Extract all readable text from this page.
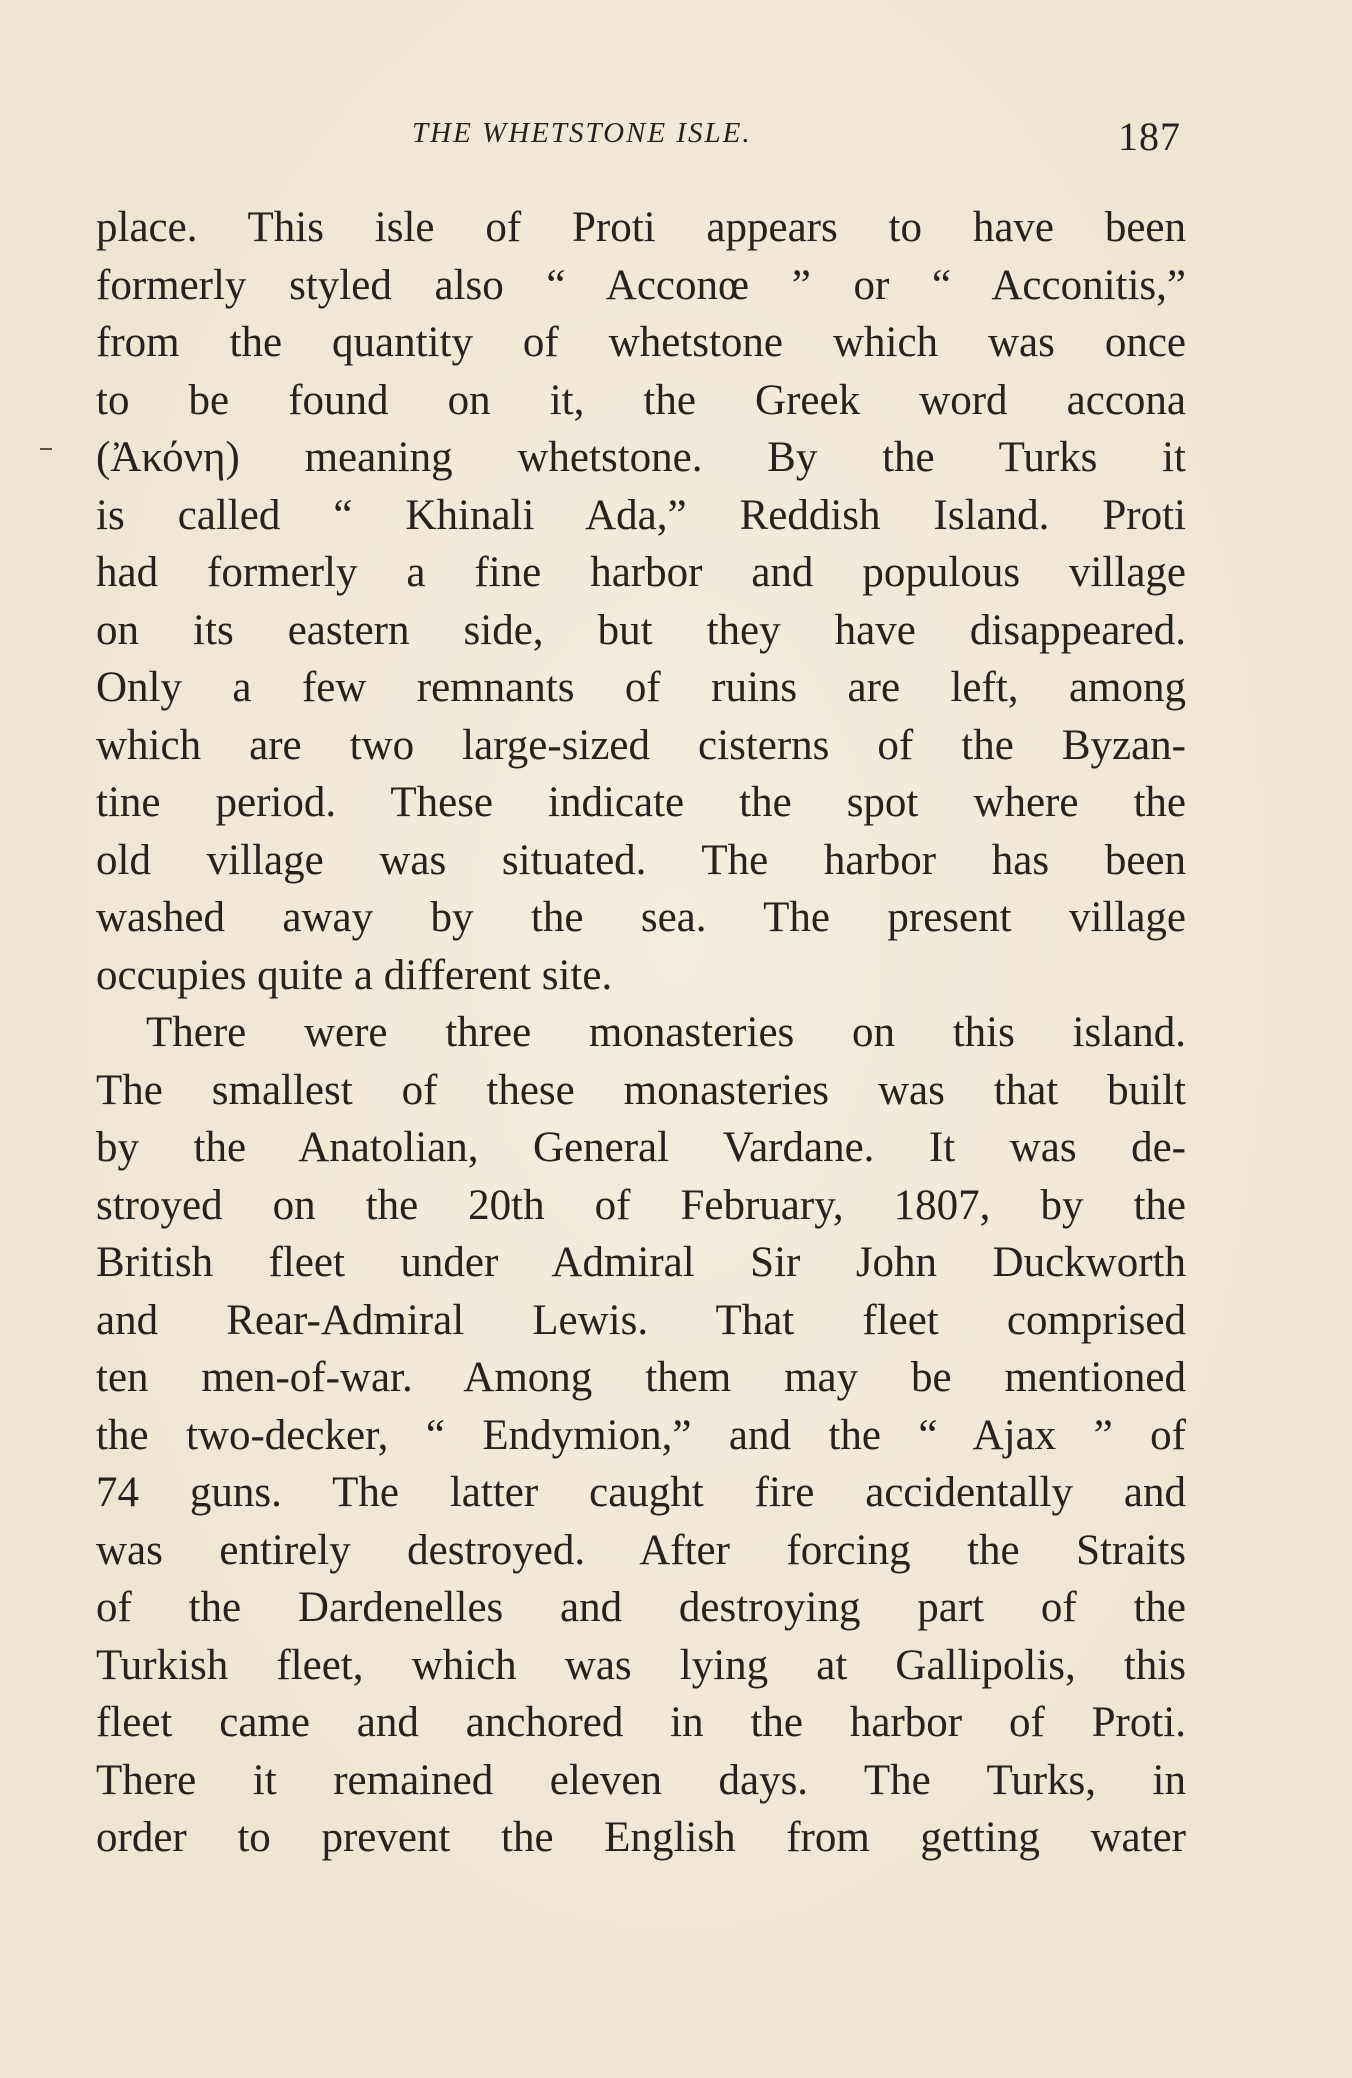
THE WHETSTONE ISLE.	187
place. This isle of Proti appears to have been
formerly styled also “ Acconœ ” or “ Acconitis,”
from the quantity of whetstone which was once
to be found on it, the Greek word accona
(Ἀκόνη) meaning whetstone. By the Turks it
is called “ Khinali Ada,” Reddish Island. Proti
had formerly a fine harbor and populous village
on its eastern side, but they have disappeared.
Only a few remnants of ruins are left, among
which are two large-sized cisterns of the Byzan-
tine period. These indicate the spot where the
old village was situated. The harbor has been
washed away by the sea. The present village
occupies quite a different site.
There were three monasteries on this island.
The smallest of these monasteries was that built
by the Anatolian, General Vardane. It was de-
stroyed on the 20th of February, 1807, by the
British fleet under Admiral Sir John Duckworth
and Rear-Admiral Lewis. That fleet comprised
ten men-of-war. Among them may be mentioned
the two-decker, “ Endymion,” and the “ Ajax ” of
74 guns. The latter caught fire accidentally and
was entirely destroyed. After forcing the Straits
of the Dardenelles and destroying part of the
Turkish fleet, which was lying at Gallipolis, this
fleet came and anchored in the harbor of Proti.
There it remained eleven days. The Turks, in
order to prevent the English from getting water
